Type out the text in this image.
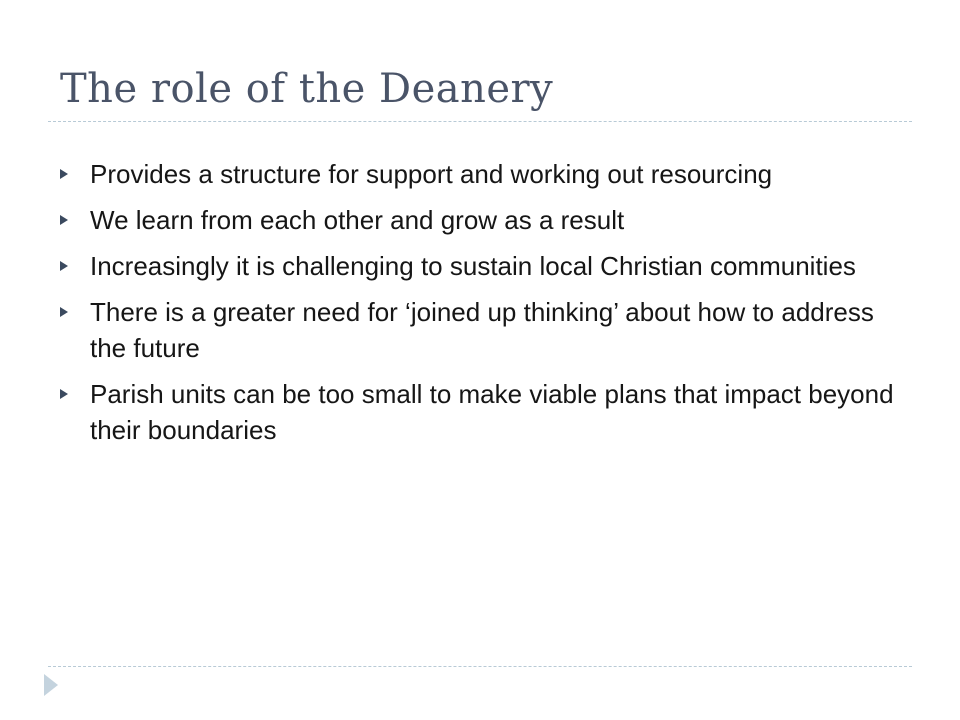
The role of the Deanery
Provides a structure for support and working out resourcing
We learn from each other and grow as a result
Increasingly it is challenging to sustain local Christian communities
There is a greater need for ‘joined up thinking’ about how to address the future
Parish units can be too small to make viable plans that impact beyond their boundaries
